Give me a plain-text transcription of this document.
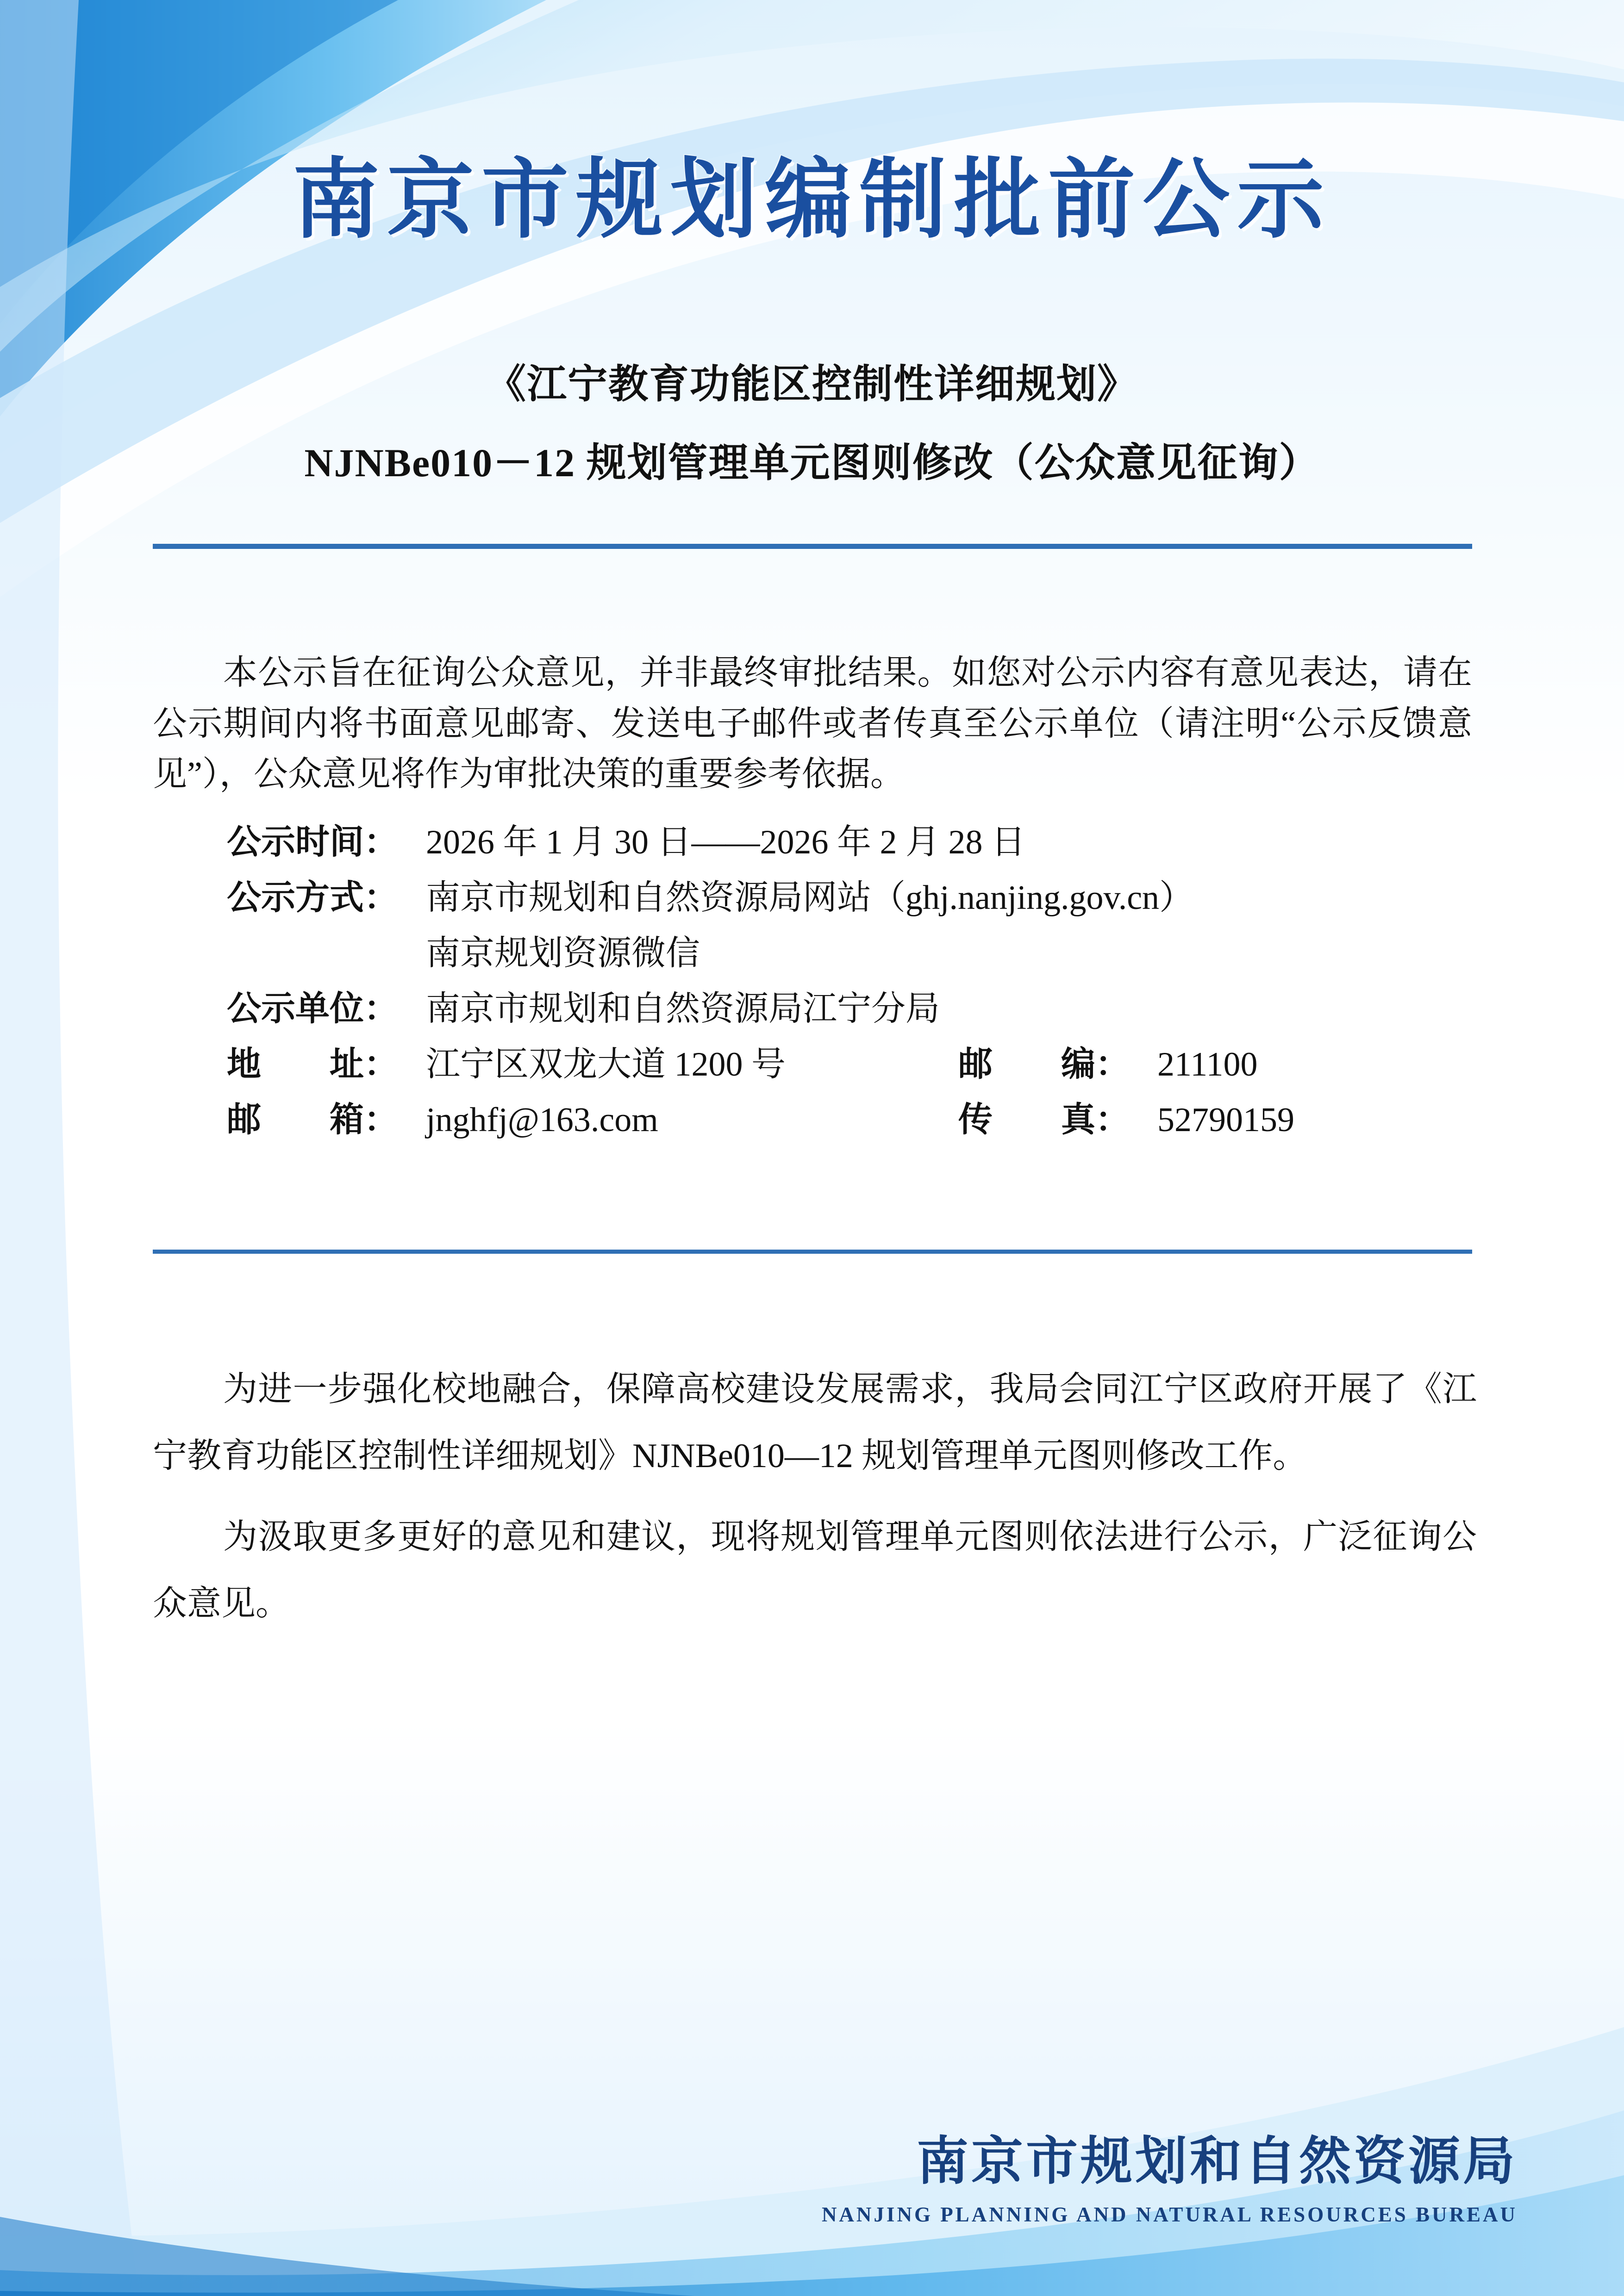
南京市规划编制批前公示
《江宁教育功能区控制性详细规划》
NJNBe010－12 规划管理单元图则修改（公众意见征询）

本公示旨在征询公众意见，并非最终审批结果。如您对公示内容有意见表达，请在公示期间内将书面意见邮寄、发送电子邮件或者传真至公示单位（请注明“公示反馈意见”），公众意见将作为审批决策的重要参考依据。

公示时间： 2026 年 1 月 30 日——2026 年 2 月 28 日
公示方式： 南京市规划和自然资源局网站（ghj.nanjing.gov.cn）
南京规划资源微信
公示单位： 南京市规划和自然资源局江宁分局
地　　址： 江宁区双龙大道 1200 号	邮　　编： 211100
邮　　箱： jnghfj@163.com	传　　真： 52790159

为进一步强化校地融合，保障高校建设发展需求，我局会同江宁区政府开展了《江宁教育功能区控制性详细规划》NJNBe010—12 规划管理单元图则修改工作。

为汲取更多更好的意见和建议，现将规划管理单元图则依法进行公示，广泛征询公众意见。

南京市规划和自然资源局
NANJING PLANNING AND NATURAL RESOURCES BUREAU
